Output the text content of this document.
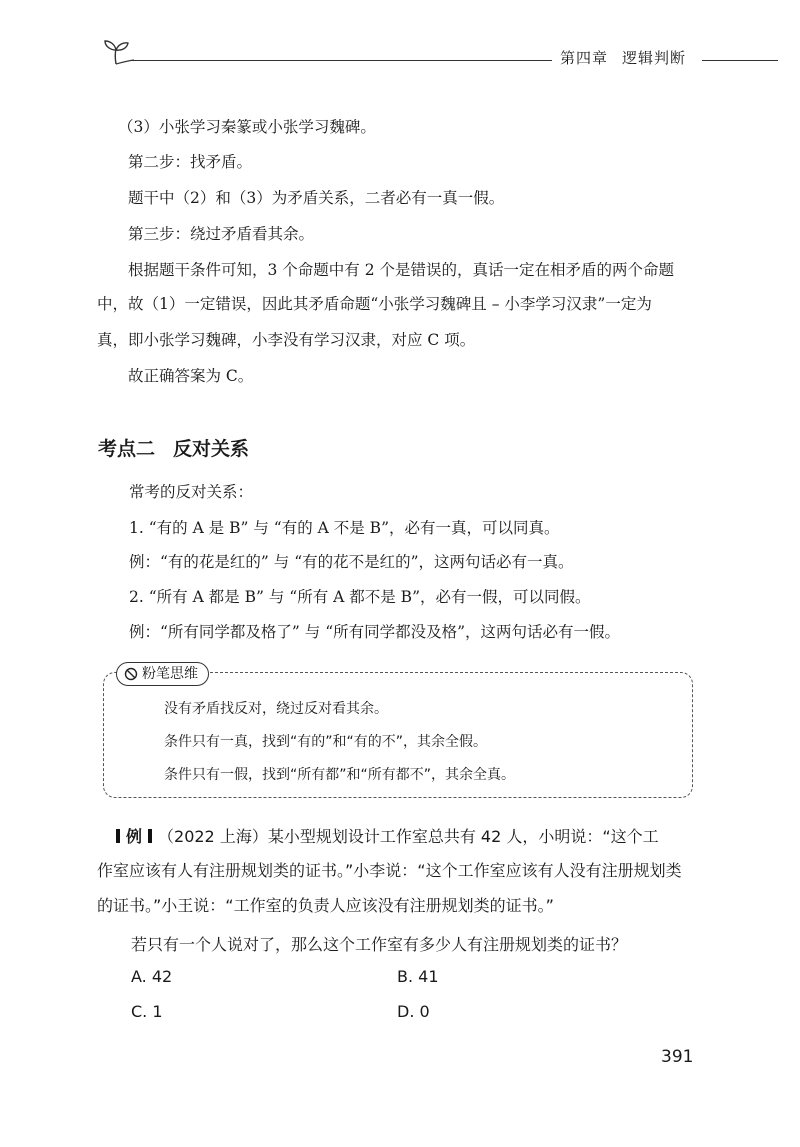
第四章 逻辑判断
（3）小张学习秦篆或小张学习魏碑。
第二步：找矛盾。
题干中（2）和（3）为矛盾关系，二者必有一真一假。
第三步：绕过矛盾看其余。
根据题干条件可知，3 个命题中有 2 个是错误的，真话一定在相矛盾的两个命题
中，故（1）一定错误，因此其矛盾命题“小张学习魏碑且 – 小李学习汉隶”一定为
真，即小张学习魏碑，小李没有学习汉隶，对应 C 项。
故正确答案为 C。
考点二 反对关系
常考的反对关系：
1. “有的 A 是 B” 与 “有的 A 不是 B”，必有一真，可以同真。
例：“有的花是红的” 与 “有的花不是红的”，这两句话必有一真。
2. “所有 A 都是 B” 与 “所有 A 都不是 B”，必有一假，可以同假。
例：“所有同学都及格了” 与 “所有同学都没及格”，这两句话必有一假。
粉笔思维
没有矛盾找反对，绕过反对看其余。
条件只有一真，找到“有的”和“有的不”，其余全假。
条件只有一假，找到“所有都”和“所有都不”，其余全真。
例 （2022 上海）某小型规划设计工作室总共有 42 人，小明说：“这个工
作室应该有人有注册规划类的证书。”小李说：“这个工作室应该有人没有注册规划类
的证书。”小王说：“工作室的负责人应该没有注册规划类的证书。”
若只有一个人说对了，那么这个工作室有多少人有注册规划类的证书？
A. 42	B. 41
C. 1	D. 0
391
